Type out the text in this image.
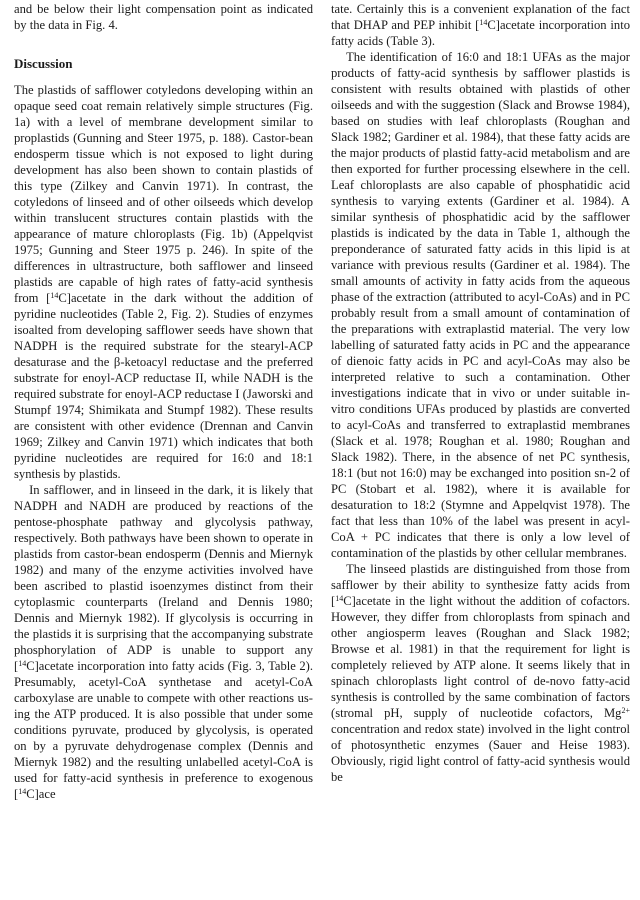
and be below their light compensation point as indicated by the data in Fig. 4.

Discussion

The plastids of safflower cotyledons developing within an opaque seed coat remain relatively simple structures (Fig. 1a) with a level of membrane development similar to proplastids (Gunning and Steer 1975, p. 188). Castor-bean endosperm tissue which is not exposed to light during development has also been shown to contain plastids of this type (Zilkey and Canvin 1971). In contrast, the cotyledons of linseed and of other oilseeds which develop within translucent structures contain plastids with the appearance of mature chloroplasts (Fig. 1b) (Appelqvist 1975; Gunning and Steer 1975 p. 246). In spite of the differences in ultrastructure, both safflower and linseed plastids are capable of high rates of fatty-acid synthesis from [$^{14}$C]acetate in the dark without the addition of pyridine nucleotides (Table 2, Fig. 2). Studies of enzymes isoalted from developing safflower seeds have shown that NADPH is the required substrate for the stearyl-ACP desaturase and the β-ketoacyl reductase and the preferred substrate for enoyl-ACP reductase II, while NADH is the required substrate for enoyl-ACP reductase I (Jaworski and Stumpf 1974; Shimikata and Stumpf 1982). These results are consistent with other evidence (Drennan and Canvin 1969; Zilkey and Canvin 1971) which indicates that both pyridine nucleotides are required for 16:0 and 18:1 synthesis by plastids.

In safflower, and in linseed in the dark, it is likely that NADPH and NADH are produced by reactions of the pentose-phosphate pathway and glycolysis pathway, respectively. Both pathways have been shown to operate in plastids from castor-bean endosperm (Dennis and Miernyk 1982) and many of the enzyme activities involved have been ascribed to plastid isoenzymes distinct from their cytoplasmic counterparts (Ireland and Dennis 1980; Dennis and Miernyk 1982). If glycolysis is occurring in the plastids it is surprising that the accompanying substrate phosphorylation of ADP is unable to support any [$^{14}$C]acetate incorporation into fatty acids (Fig. 3, Table 2). Presumably, acetyl-CoA synthetase and acetyl-CoA carboxylase are unable to compete with other reactions using the ATP produced. It is also possible that under some conditions pyruvate, produced by glycolysis, is operated on by a pyruvate dehydrogenase complex (Dennis and Miernyk 1982) and the resulting unlabelled acetyl-CoA is used for fatty-acid synthesis in preference to exogenous [$^{14}$C]ace

tate. Certainly this is a convenient explanation of the fact that DHAP and PEP inhibit [$^{14}$C]acetate incorporation into fatty acids (Table 3).

The identification of 16:0 and 18:1 UFAs as the major products of fatty-acid synthesis by safflower plastids is consistent with results obtained with plastids of other oilseeds and with the suggestion (Slack and Browse 1984), based on studies with leaf chloroplasts (Roughan and Slack 1982; Gardiner et al. 1984), that these fatty acids are the major products of plastid fatty-acid metabolism and are then exported for further processing elsewhere in the cell. Leaf chloroplasts are also capable of phosphatidic acid synthesis to varying extents (Gardiner et al. 1984). A similar synthesis of phosphatidic acid by the safflower plastids is indicated by the data in Table 1, although the preponderance of saturated fatty acids in this lipid is at variance with previous results (Gardiner et al. 1984). The small amounts of activity in fatty acids from the aqueous phase of the extraction (attributed to acyl-CoAs) and in PC probably result from a small amount of contamination of the preparations with extraplastid material. The very low labelling of saturated fatty acids in PC and the appearance of dienoic fatty acids in PC and acyl-CoAs may also be interpreted relative to such a contamination. Other investigations indicate that in vivo or under suitable in-vitro conditions UFAs produced by plastids are converted to acyl-CoAs and transferred to extraplastid membranes (Slack et al. 1978; Roughan et al. 1980; Roughan and Slack 1982). There, in the absence of net PC synthesis, 18:1 (but not 16:0) may be exchanged into position sn-2 of PC (Stobart et al. 1982), where it is available for desaturation to 18:2 (Stymne and Appelqvist 1978). The fact that less than 10% of the label was present in acyl-CoA + PC indicates that there is only a low level of contamination of the plastids by other cellular membranes.

The linseed plastids are distinguished from those from safflower by their ability to synthesize fatty acids from [$^{14}$C]acetate in the light without the addition of cofactors. However, they differ from chloroplasts from spinach and other angiosperm leaves (Roughan and Slack 1982; Browse et al. 1981) in that the requirement for light is completely relieved by ATP alone. It seems likely that in spinach chloroplasts light control of de-novo fatty-acid synthesis is controlled by the same combination of factors (stromal pH, supply of nucleotide cofactors, $Mg^{2+}$ concentration and redox state) involved in the light control of photosynthetic enzymes (Sauer and Heise 1983). Obviously, rigid light control of fatty-acid synthesis would be
